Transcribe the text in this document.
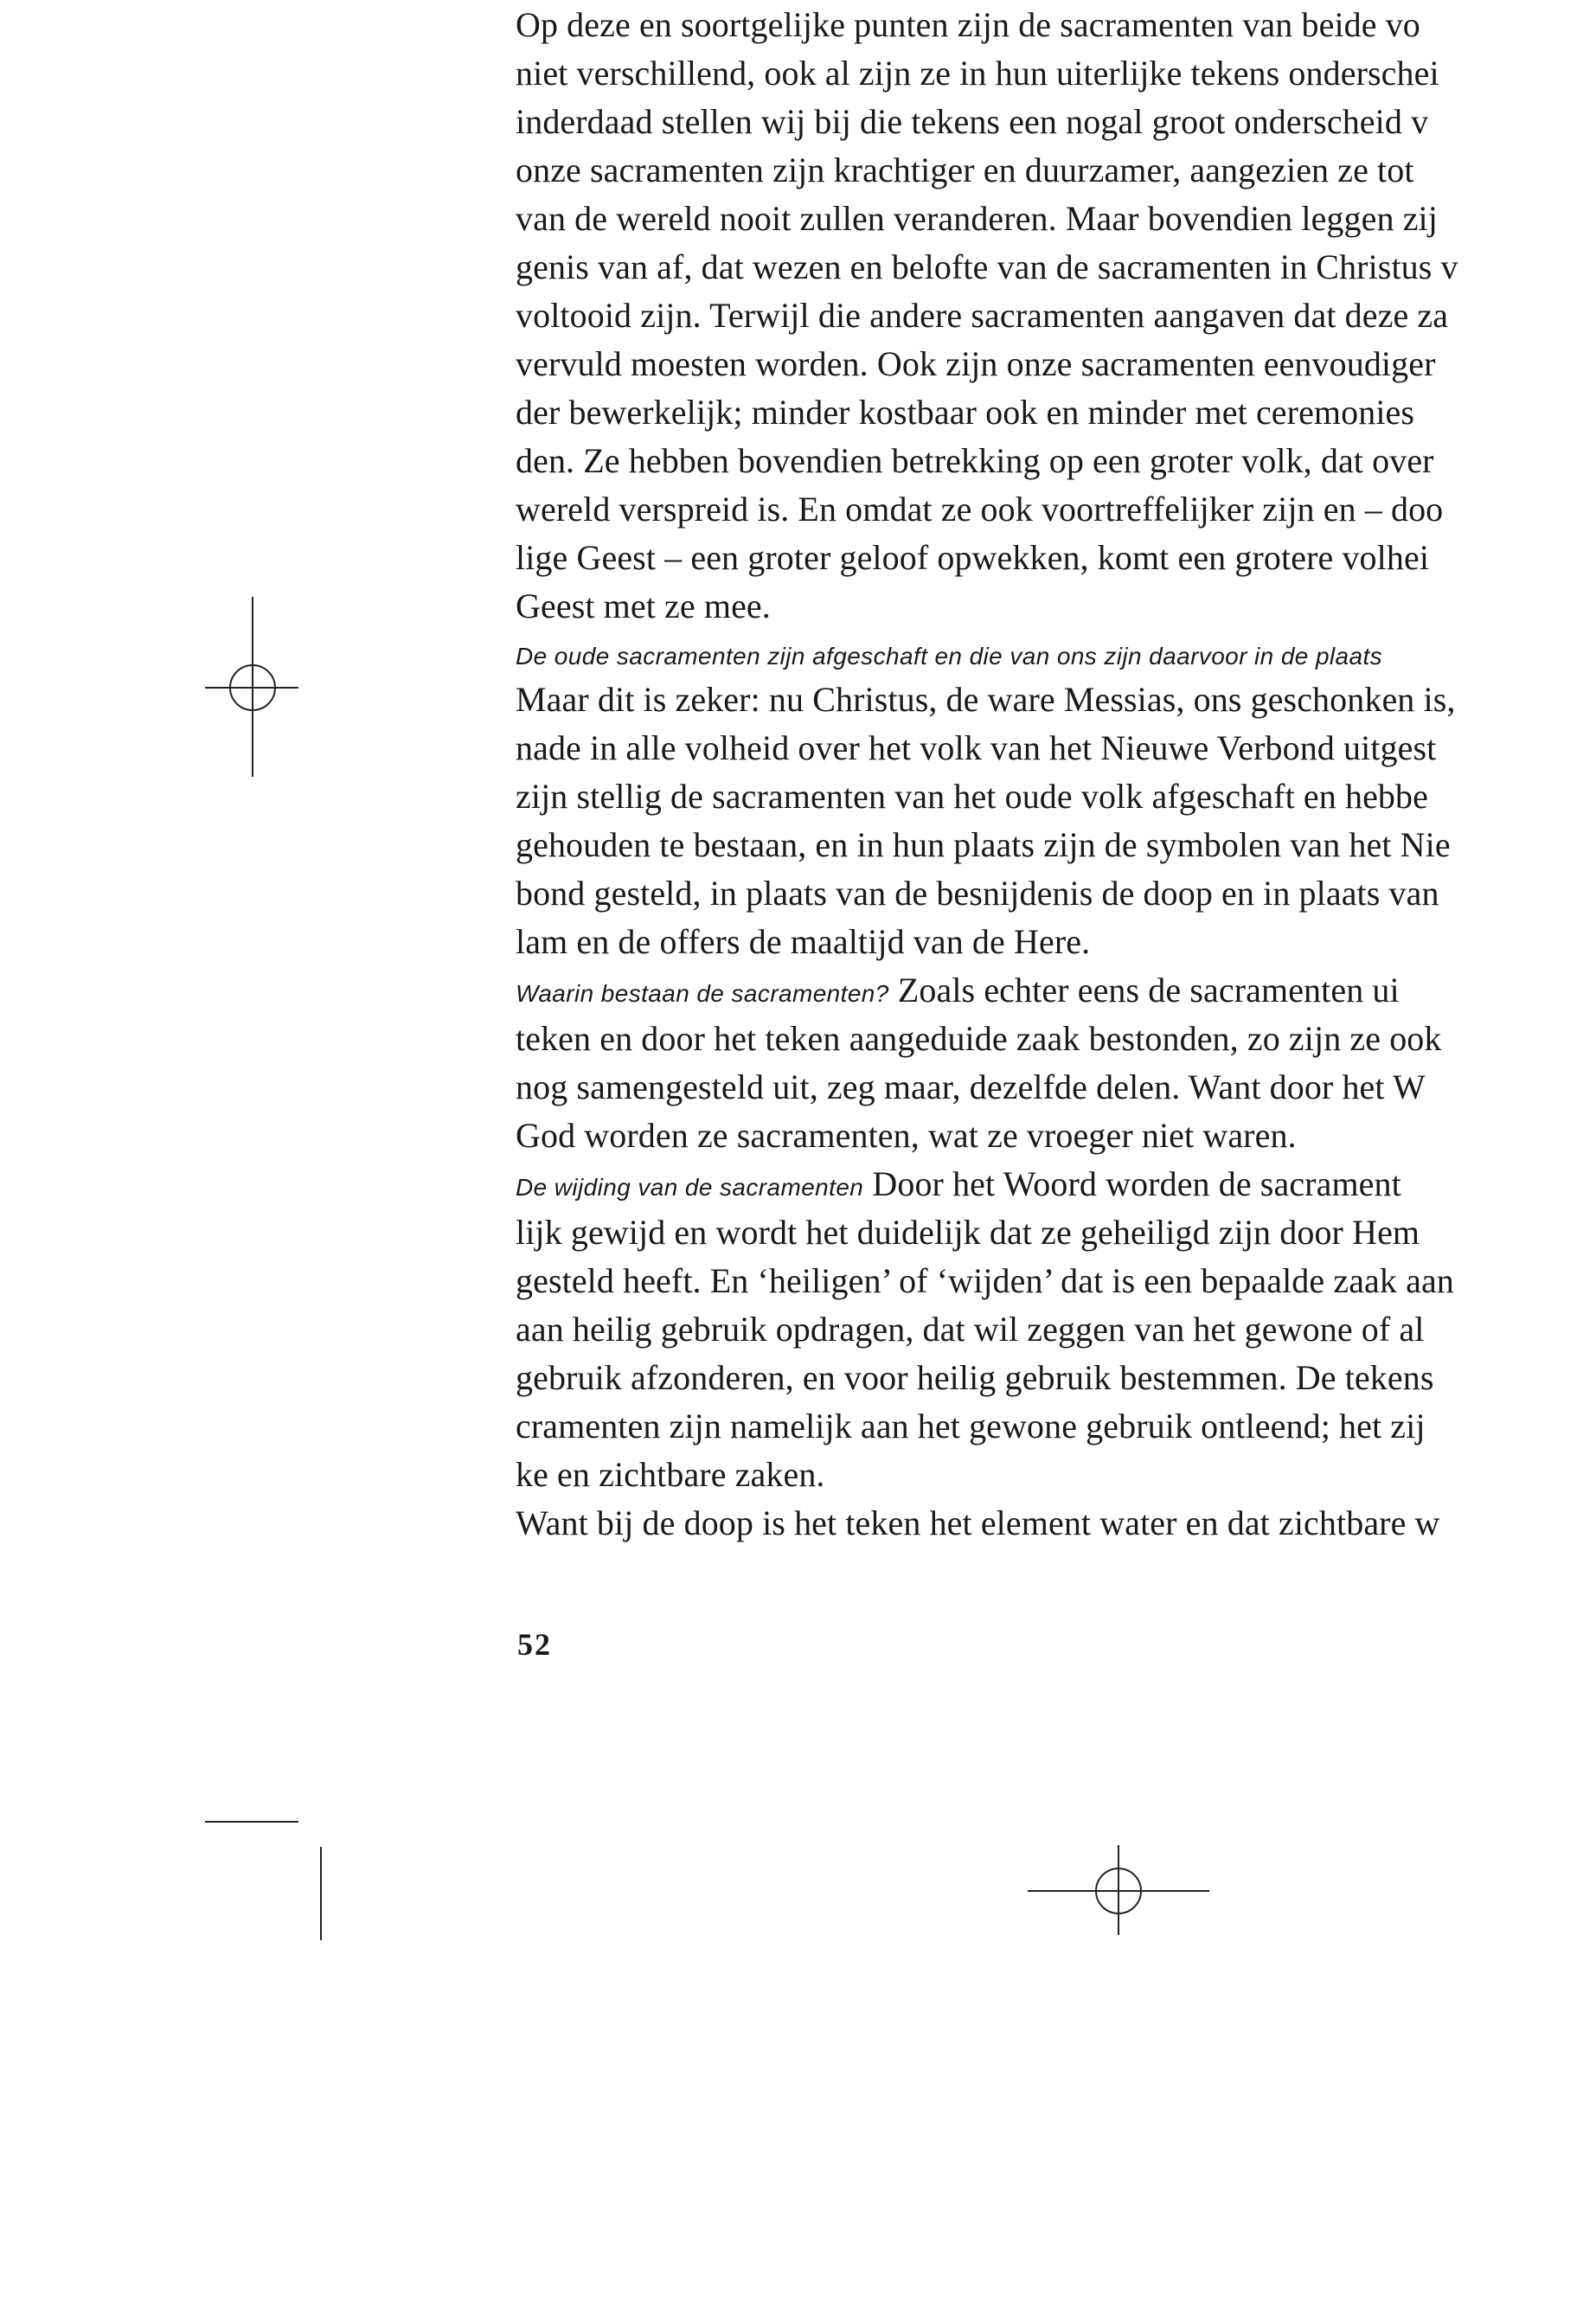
Op deze en soortgelijke punten zijn de sacramenten van beide vo
niet verschillend, ook al zijn ze in hun uiterlijke tekens onderschei
inderdaad stellen wij bij die tekens een nogal groot onderscheid v
onze sacramenten zijn krachtiger en duurzamer, aangezien ze tot
van de wereld nooit zullen veranderen. Maar bovendien leggen zij
genis van af, dat wezen en belofte van de sacramenten in Christus v
voltooid zijn. Terwijl die andere sacramenten aangaven dat deze za
vervuld moesten worden. Ook zijn onze sacramenten eenvoudiger
der bewerkelijk; minder kostbaar ook en minder met ceremonies
den. Ze hebben bovendien betrekking op een groter volk, dat over
wereld verspreid is. En omdat ze ook voortreffelijker zijn en – doo
lige Geest – een groter geloof opwekken, komt een grotere volhei
Geest met ze mee.
De oude sacramenten zijn afgeschaft en die van ons zijn daarvoor in de plaats
Maar dit is zeker: nu Christus, de ware Messias, ons geschonken is,
nade in alle volheid over het volk van het Nieuwe Verbond uitgest
zijn stellig de sacramenten van het oude volk afgeschaft en hebbe
gehouden te bestaan, en in hun plaats zijn de symbolen van het Nie
bond gesteld, in plaats van de besnijdenis de doop en in plaats van
lam en de offers de maaltijd van de Here.
Waarin bestaan de sacramenten? Zoals echter eens de sacramenten ui
teken en door het teken aangeduide zaak bestonden, zo zijn ze ook
nog samengesteld uit, zeg maar, dezelfde delen. Want door het W
God worden ze sacramenten, wat ze vroeger niet waren.
De wijding van de sacramenten Door het Woord worden de sacrament
lijk gewijd en wordt het duidelijk dat ze geheiligd zijn door Hem
gesteld heeft. En ‘heiligen’ of ‘wijden’ dat is een bepaalde zaak aan
aan heilig gebruik opdragen, dat wil zeggen van het gewone of al
gebruik afzonderen, en voor heilig gebruik bestemmen. De tekens
cramenten zijn namelijk aan het gewone gebruik ontleend; het zij
ke en zichtbare zaken.
Want bij de doop is het teken het element water en dat zichtbare w
52
